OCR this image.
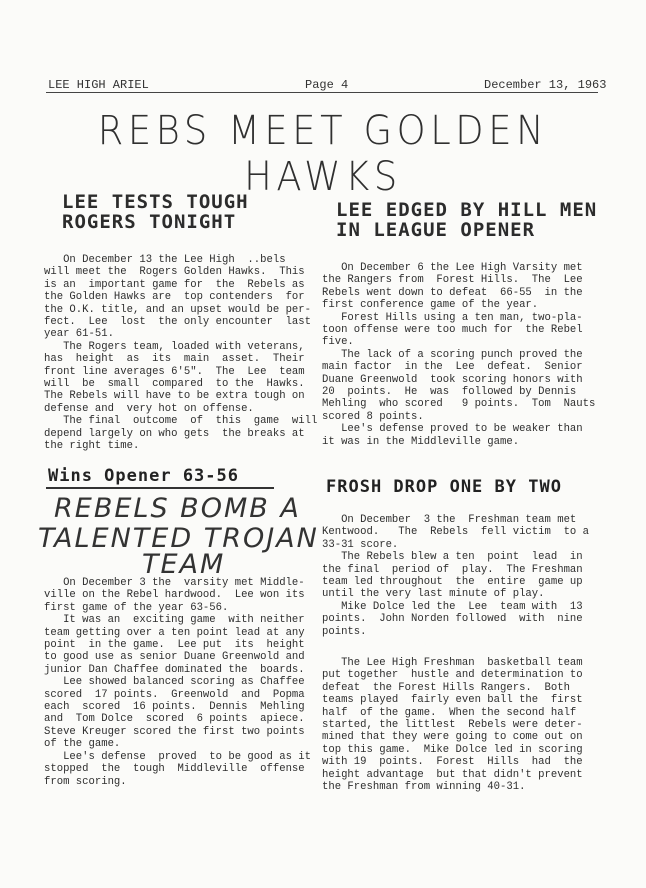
LEE HIGH ARIEL	Page 4	December 13, 1963
REBS MEET GOLDEN HAWKS
LEE TESTS TOUGH
ROGERS TONIGHT

On December 13 the Lee High  ..bels

will meet the  Rogers Golden Hawks.  This

is an  important game for  the  Rebels as

the Golden Hawks are  top contenders  for

the O.K. title, and an upset would be per-

fect.  Lee  lost  the only encounter  last

year 61-51.

The Rogers team, loaded with veterans,

has  height  as  its  main  asset.  Their

front line averages 6'5".  The  Lee  team

will  be  small  compared  to the  Hawks.

The Rebels will have to be extra tough on

defense and  very hot on offense.

The final  outcome  of  this  game  will

depend largely on who gets  the breaks at

the right time.

Wins Opener 63-56
REBELS BOMB A
TALENTED TROJAN
TEAM

On December 3 the  varsity met Middle-

ville on the Rebel hardwood.  Lee won its

first game of the year 63-56.

It was an  exciting game  with neither

team getting over a ten point lead at any

point  in the game.  Lee put  its  height

to good use as senior Duane Greenwold and

junior Dan Chaffee dominated the  boards.

Lee showed balanced scoring as Chaffee

scored  17 points.  Greenwold  and  Popma

each  scored  16 points.  Dennis  Mehling

and  Tom Dolce  scored  6 points  apiece.

Steve Kreuger scored the first two points

of the game.

Lee's defense  proved  to be good as it

stopped  the  tough  Middleville  offense

from scoring.

LEE EDGED BY HILL MEN
IN LEAGUE OPENER

On December 6 the Lee High Varsity met

the Rangers from  Forest Hills.  The  Lee

Rebels went down to defeat  66-55  in the

first conference game of the year.

Forest Hills using a ten man, two-pla-

toon offense were too much for  the Rebel

five.

The lack of a scoring punch proved the

main factor  in the  Lee  defeat.  Senior

Duane Greenwold  took scoring honors with

20  points.  He  was  followed by Dennis

Mehling  who scored   9 points.  Tom  Nauts

scored 8 points.

Lee's defense proved to be weaker than

it was in the Middleville game.

FROSH DROP ONE BY TWO

On December  3 the  Freshman team met

Kentwood.   The  Rebels  fell victim  to a

33-31 score.

The Rebels blew a ten  point  lead  in

the final  period of  play.  The Freshman

team led throughout  the  entire  game up

until the very last minute of play.

Mike Dolce led the  Lee  team with  13

points.  John Norden followed  with  nine

points.

The Lee High Freshman  basketball team

put together  hustle and determination to

defeat  the Forest Hills Rangers.  Both

teams played  fairly even ball the  first

half  of the game.  When the second half

started, the littlest  Rebels were deter-

mined that they were going to come out on

top this game.  Mike Dolce led in scoring

with 19  points.  Forest  Hills  had  the

height advantage  but that didn't prevent

the Freshman from winning 40-31.
